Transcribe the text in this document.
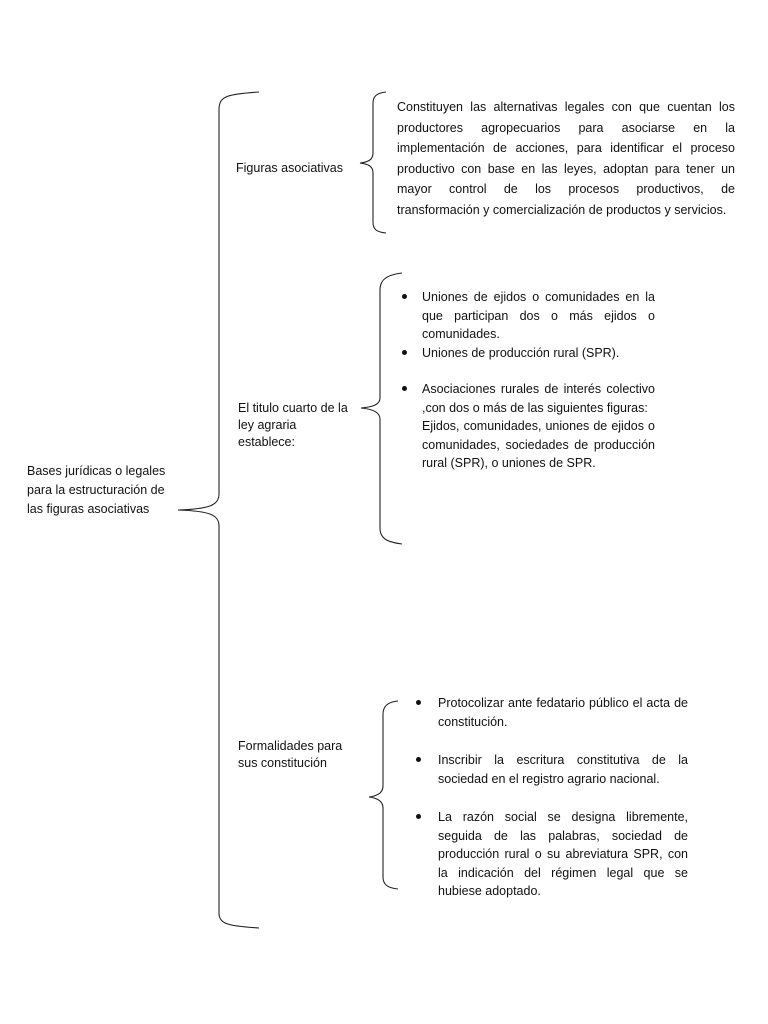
Bases jurídicas o legales para la estructuración de las figuras asociativas
Figuras asociativas
Constituyen las alternativas legales con que cuentan los productores agropecuarios para asociarse en la implementación de acciones, para identificar el proceso productivo con base en las leyes, adoptan para tener un mayor control de los procesos productivos, de transformación y comercialización de productos y servicios.
El titulo cuarto de la ley agraria establece:
Uniones de ejidos o comunidades en la que participan dos o más ejidos o comunidades.
Uniones de producción rural (SPR).
Asociaciones rurales de interés colectivo ,con dos o más de las siguientes figuras:
Ejidos, comunidades, uniones de ejidos o comunidades, sociedades de producción rural (SPR), o uniones de SPR.
Formalidades para sus constitución
Protocolizar ante fedatario público el acta de constitución.
Inscribir la escritura constitutiva de la sociedad en el registro agrario nacional.
La razón social se designa libremente, seguida de las palabras, sociedad de producción rural o su abreviatura SPR, con la indicación del régimen legal que se hubiese adoptado.
